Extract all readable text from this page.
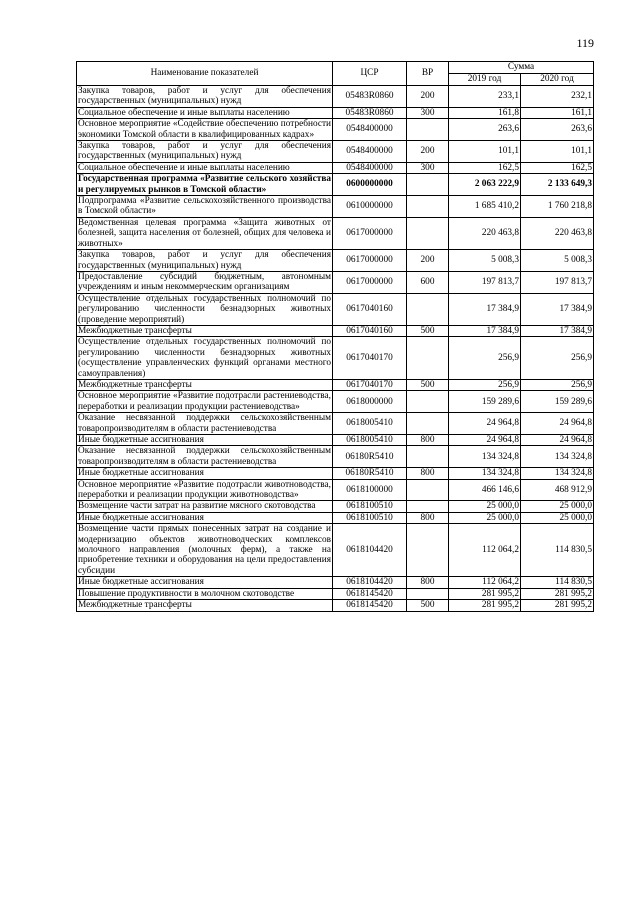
119
Наименование показателей	ЦСР	ВР	Сумма	
			2019 год	2020 год
Закупка товаров, работ и услуг для обеспечения государственных (муниципальных) нужд	05483R0860	200	233,1	232,1
Социальное обеспечение и иные выплаты населению	05483R0860	300	161,8	161,1
Основное мероприятие «Содействие обеспечению потребности экономики Томской области в квалифицированных кадрах»	0548400000		263,6	263,6
Закупка товаров, работ и услуг для обеспечения государственных (муниципальных) нужд	0548400000	200	101,1	101,1
Социальное обеспечение и иные выплаты населению	0548400000	300	162,5	162,5
Государственная программа «Развитие сельского хозяйства и регулируемых рынков в Томской области»	0600000000		2 063 222,9	2 133 649,3
Подпрограмма «Развитие сельскохозяйственного производства в Томской области»	0610000000		1 685 410,2	1 760 218,8
Ведомственная целевая программа «Защита животных от болезней, защита населения от болезней, общих для человека и животных»	0617000000		220 463,8	220 463,8
Закупка товаров, работ и услуг для обеспечения государственных (муниципальных) нужд	0617000000	200	5 008,3	5 008,3
Предоставление субсидий бюджетным, автономным учреждениям и иным некоммерческим организациям	0617000000	600	197 813,7	197 813,7
Осуществление отдельных государственных полномочий по регулированию численности безнадзорных животных (проведение мероприятий)	0617040160		17 384,9	17 384,9
Межбюджетные трансферты	0617040160	500	17 384,9	17 384,9
Осуществление отдельных государственных полномочий по регулированию численности безнадзорных животных (осуществление управленческих функций органами местного самоуправления)	0617040170		256,9	256,9
Межбюджетные трансферты	0617040170	500	256,9	256,9
Основное мероприятие «Развитие подотрасли растениеводства, переработки и реализации продукции растениеводства»	0618000000		159 289,6	159 289,6
Оказание несвязанной поддержки сельскохозяйственным товаропроизводителям в области растениеводства	0618005410		24 964,8	24 964,8
Иные бюджетные ассигнования	0618005410	800	24 964,8	24 964,8
Оказание несвязанной поддержки сельскохозяйственным товаропроизводителям в области растениеводства	06180R5410		134 324,8	134 324,8
Иные бюджетные ассигнования	06180R5410	800	134 324,8	134 324,8
Основное мероприятие «Развитие подотрасли животноводства, переработки и реализации продукции животноводства»	0618100000		466 146,6	468 912,9
Возмещение части затрат на развитие мясного скотоводства	0618100510		25 000,0	25 000,0
Иные бюджетные ассигнования	0618100510	800	25 000,0	25 000,0
Возмещение части прямых понесенных затрат на создание и модернизацию объектов животноводческих комплексов молочного направления (молочных ферм), а также на приобретение техники и оборудования на цели предоставления субсидии	0618104420		112 064,2	114 830,5
Иные бюджетные ассигнования	0618104420	800	112 064,2	114 830,5
Повышение продуктивности в молочном скотоводстве	0618145420		281 995,2	281 995,2
Межбюджетные трансферты	0618145420	500	281 995,2	281 995,2
